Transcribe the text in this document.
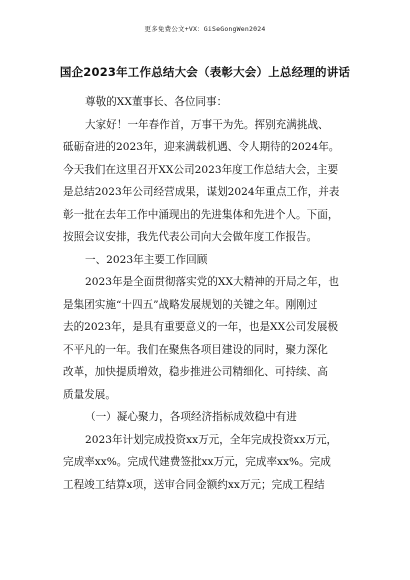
更多免费公文+VX：GiSeGongWen2024
国企2023年工作总结大会（表彰大会）上总经理的讲话
尊敬的XX董事长、各位同事：
大家好！一年春作首，万事干为先。挥别充满挑战、
砥砺奋进的2023年，迎来满载机遇、令人期待的2024年。
今天我们在这里召开XX公司2023年度工作总结大会，主要
是总结2023年公司经营成果，谋划2024年重点工作，并表
彰一批在去年工作中涌现出的先进集体和先进个人。下面，
按照会议安排，我先代表公司向大会做年度工作报告。
一、2023年主要工作回顾
2023年是全面贯彻落实党的XX大精神的开局之年，也
是集团实施“十四五”战略发展规划的关键之年。刚刚过
去的2023年，是具有重要意义的一年，也是XX公司发展极
不平凡的一年。我们在聚焦各项目建设的同时，聚力深化
改革，加快提质增效，稳步推进公司精细化、可持续、高
质量发展。
（一）凝心聚力，各项经济指标成效稳中有进
2023年计划完成投资xx万元，全年完成投资xx万元，
完成率xx%。完成代建费签批xx万元，完成率xx%。完成
工程竣工结算x项，送审合同金额约xx万元；完成工程结
